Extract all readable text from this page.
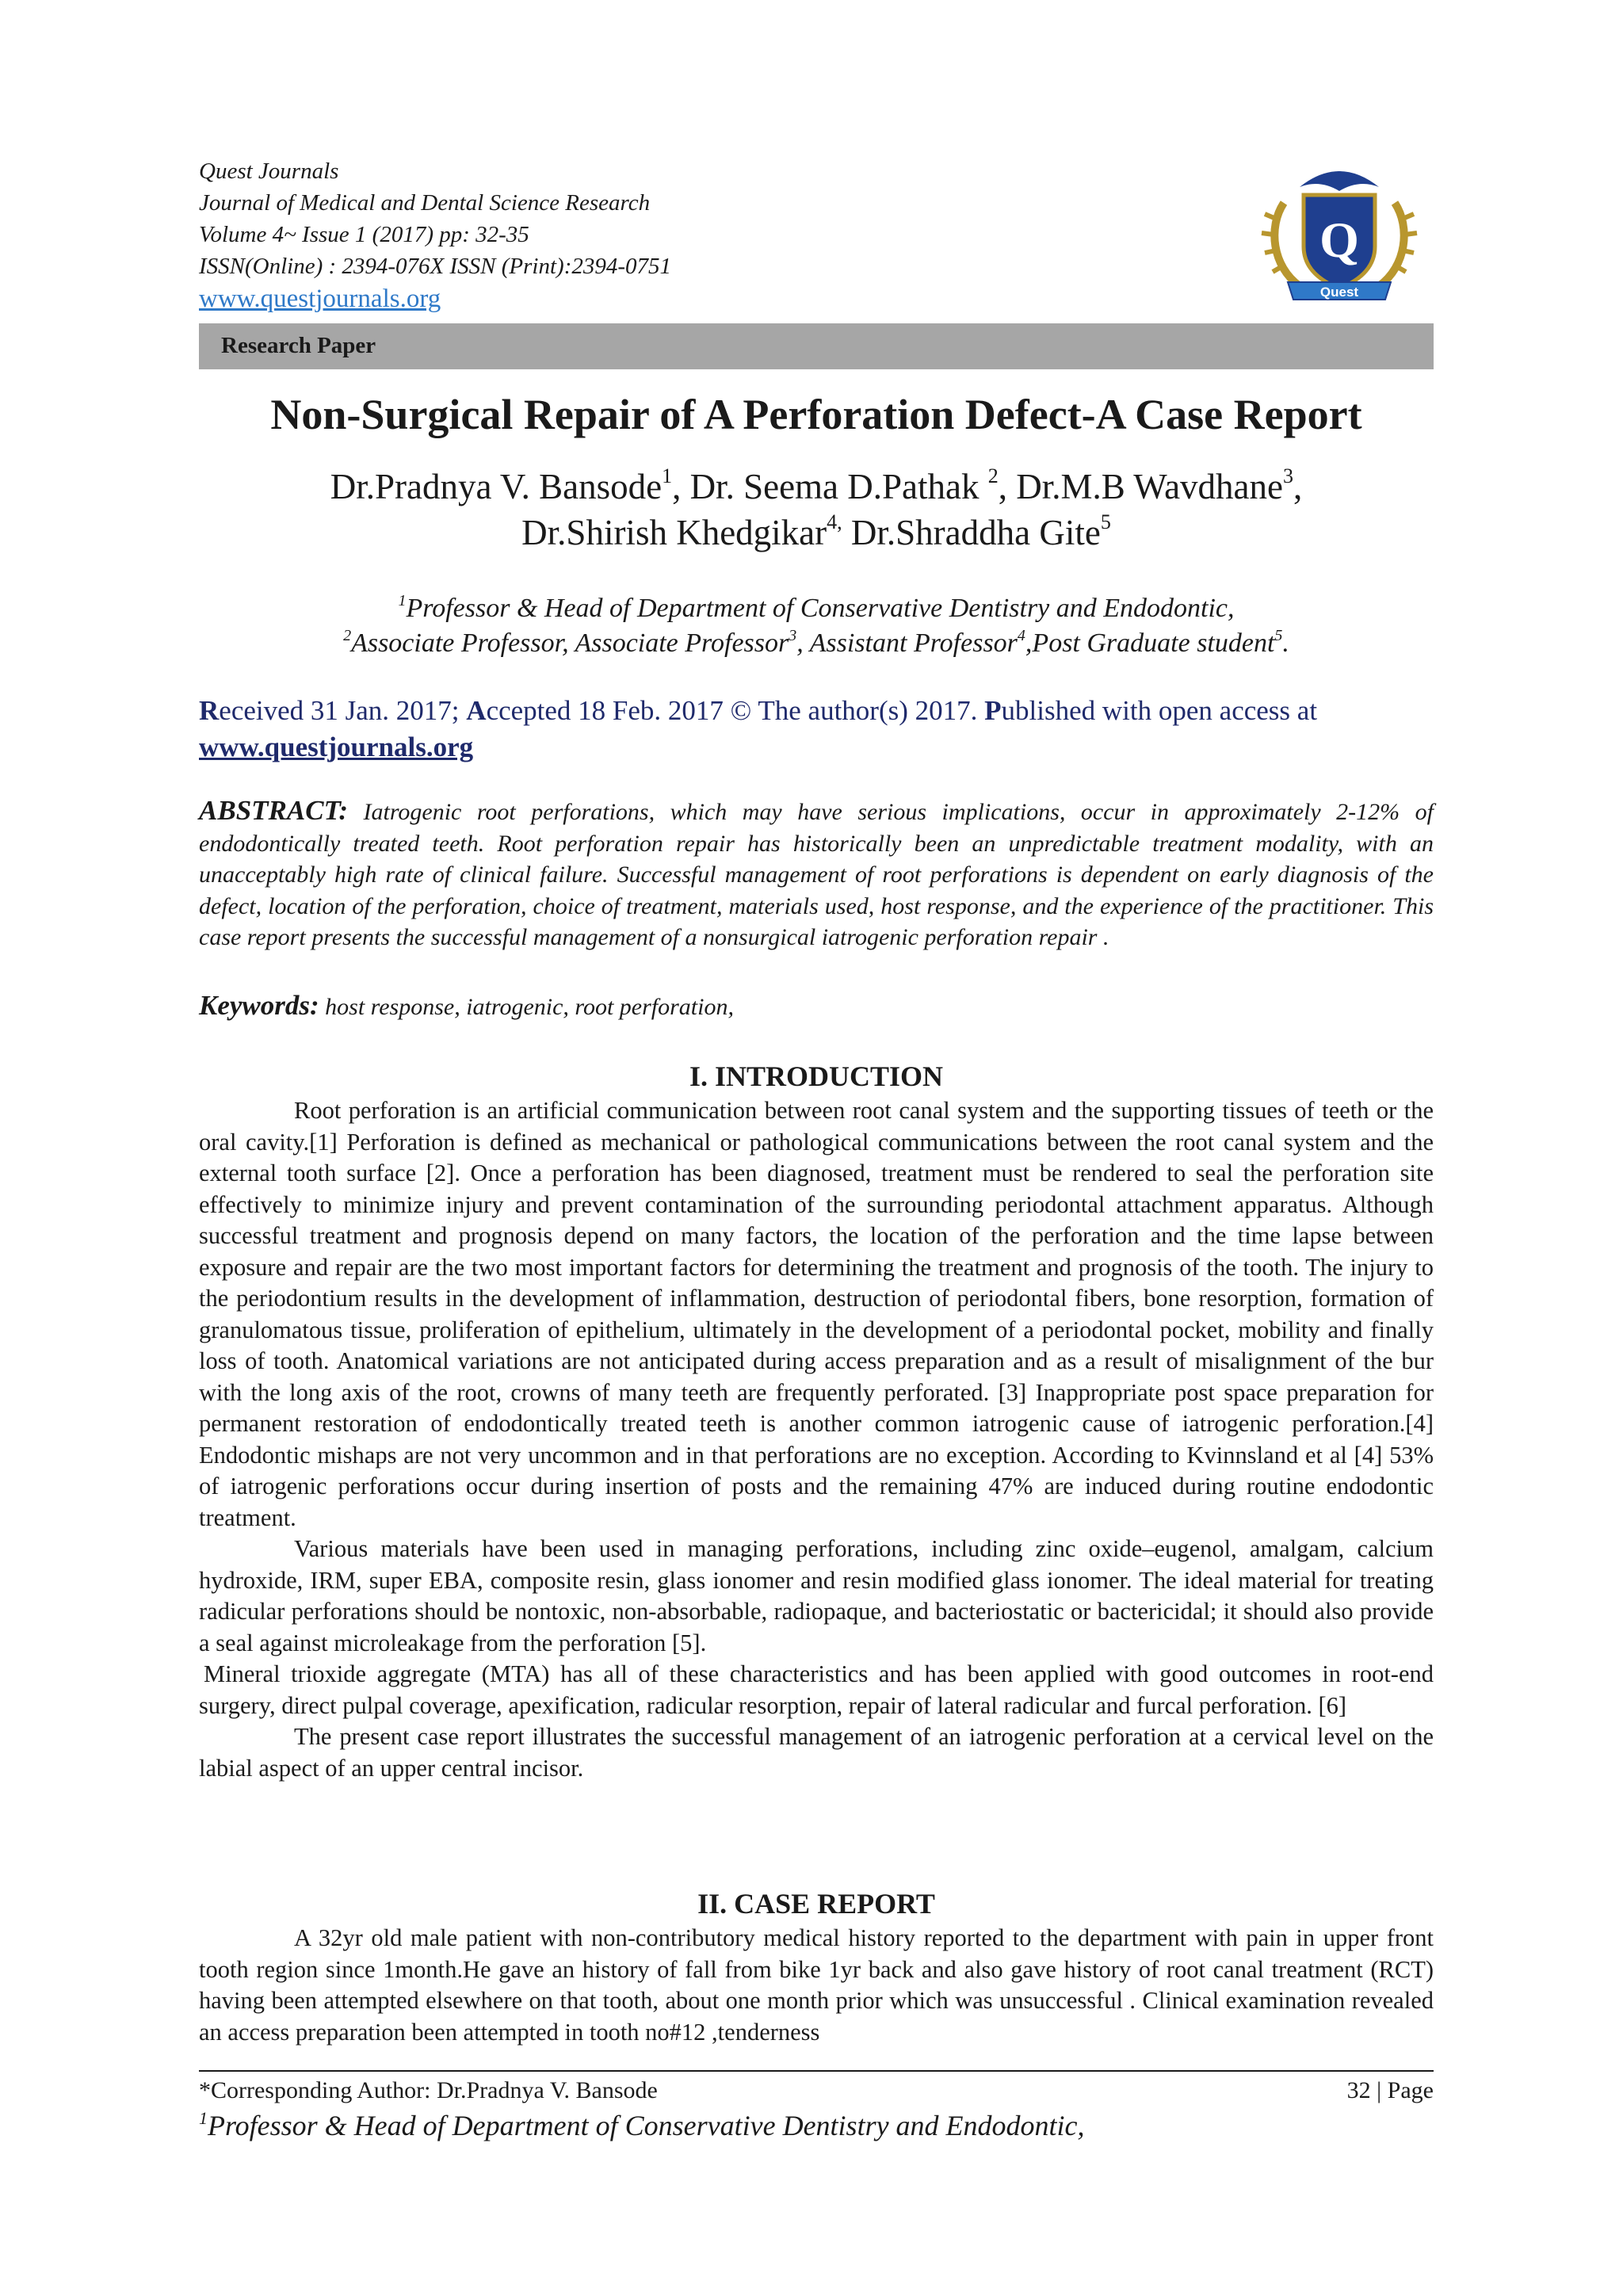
Quest Journals
Journal of Medical and Dental Science Research
Volume 4~ Issue 1 (2017) pp: 32-35
ISSN(Online) : 2394-076X ISSN (Print):2394-0751
www.questjournals.org
Q
Quest
Research Paper
Non-Surgical Repair of A Perforation Defect-A Case Report
Dr.Pradnya V. Bansode$^1$, Dr. Seema D.Pathak $^2$, Dr.M.B Wavdhane$^3$,
Dr.Shirish Khedgikar$^{4,}$ Dr.Shraddha Gite$^5$
$^1$Professor & Head of Department of Conservative Dentistry and Endodontic,
$^2$Associate Professor, Associate Professor$^3$, Assistant Professor$^4$,Post Graduate student$^5$.
Received 31 Jan. 2017; Accepted 18 Feb. 2017 © The author(s) 2017. Published with open access at
www.questjournals.org
ABSTRACT: Iatrogenic root perforations, which may have serious implications, occur in approximately 2-12% of endodontically treated teeth. Root perforation repair has historically been an unpredictable treatment modality, with an unacceptably high rate of clinical failure. Successful management of root perforations is dependent on early diagnosis of the defect, location of the perforation, choice of treatment, materials used, host response, and the experience of the practitioner. This case report presents the successful management of a nonsurgical iatrogenic perforation repair .
Keywords: host response, iatrogenic, root perforation,
I. INTRODUCTION

Root perforation is an artificial communication between root canal system and the supporting tissues of teeth or the oral cavity.[1] Perforation is defined as mechanical or pathological communications between the root canal system and the external tooth surface [2]. Once a perforation has been diagnosed, treatment must be rendered to seal the perforation site effectively to minimize injury and prevent contamination of the surrounding periodontal attachment apparatus. Although successful treatment and prognosis depend on many factors, the location of the perforation and the time lapse between exposure and repair are the two most important factors for determining the treatment and prognosis of the tooth. The injury to the periodontium results in the development of inflammation, destruction of periodontal fibers, bone resorption, formation of granulomatous tissue, proliferation of epithelium, ultimately in the development of a periodontal pocket, mobility and finally loss of tooth. Anatomical variations are not anticipated during access preparation and as a result of misalignment of the bur with the long axis of the root, crowns of many teeth are frequently perforated. [3] Inappropriate post space preparation for permanent restoration of endodontically treated teeth is another common iatrogenic cause of iatrogenic perforation.[4] Endodontic mishaps are not very uncommon and in that perforations are no exception. According to Kvinnsland et al [4] 53% of iatrogenic perforations occur during insertion of posts and the remaining 47% are induced during routine endodontic treatment.

Various materials have been used in managing perforations, including zinc oxide–eugenol, amalgam, calcium hydroxide, IRM, super EBA, composite resin, glass ionomer and resin modified glass ionomer. The ideal material for treating radicular perforations should be nontoxic, non-absorbable, radiopaque, and bacteriostatic or bactericidal; it should also provide a seal against microleakage from the perforation [5].

Mineral trioxide aggregate (MTA) has all of these characteristics and has been applied with good outcomes in root-end surgery, direct pulpal coverage, apexification, radicular resorption, repair of lateral radicular and furcal perforation. [6]

The present case report illustrates the successful management of an iatrogenic perforation at a cervical level on the labial aspect of an upper central incisor.

II. CASE REPORT

A 32yr old male patient with non-contributory medical history reported to the department with pain in upper front tooth region since 1month.He gave an history of fall from bike 1yr back and also gave history of root canal treatment (RCT) having been attempted elsewhere on that tooth, about one month prior which was unsuccessful . Clinical examination revealed an access preparation been attempted in tooth no#12 ,tenderness

*Corresponding Author: Dr.Pradnya V. Bansode	32 | Page
$^1$Professor & Head of Department of Conservative Dentistry and Endodontic,
